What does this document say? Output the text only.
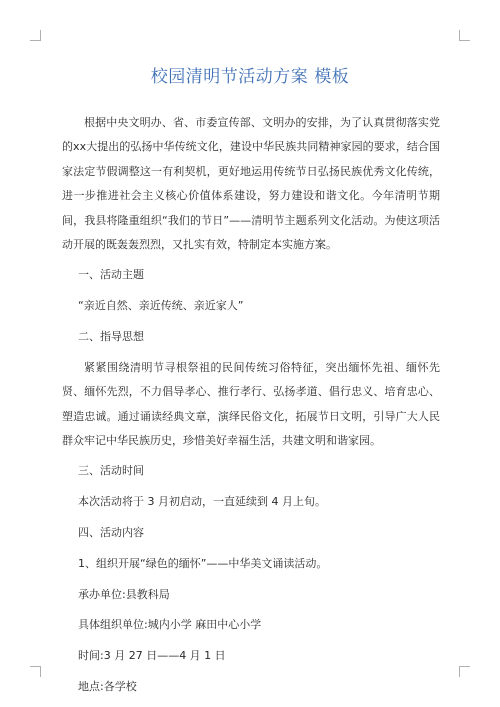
校园清明节活动方案 模板

根据中央文明办、省、市委宣传部、文明办的安排，为了认真贯彻落实党的xx大提出的弘扬中华传统文化，建设中华民族共同精神家园的要求，结合国家法定节假调整这一有利契机，更好地运用传统节日弘扬民族优秀文化传统，进一步推进社会主义核心价值体系建设，努力建设和谐文化。今年清明节期间，我县将隆重组织“我们的节日”——清明节主题系列文化活动。为使这项活动开展的既轰轰烈烈，又扎实有效，特制定本实施方案。

一、活动主题

“亲近自然、亲近传统、亲近家人”

二、指导思想

紧紧围绕清明节寻根祭祖的民间传统习俗特征，突出缅怀先祖、缅怀先贤、缅怀先烈，不力倡导孝心、推行孝行、弘扬孝道、倡行忠义、培育忠心、塑造忠诚。通过诵读经典文章，演绎民俗文化，拓展节日文明，引导广大人民群众牢记中华民族历史，珍惜美好幸福生活，共建文明和谐家园。

三、活动时间

本次活动将于 3 月初启动，一直延续到 4 月上旬。

四、活动内容

1、组织开展“绿色的缅怀”——中华美文诵读活动。

承办单位:县教科局

具体组织单位:城内小学 麻田中心小学

时间:3 月 27 日——4 月 1 日

地点:各学校
